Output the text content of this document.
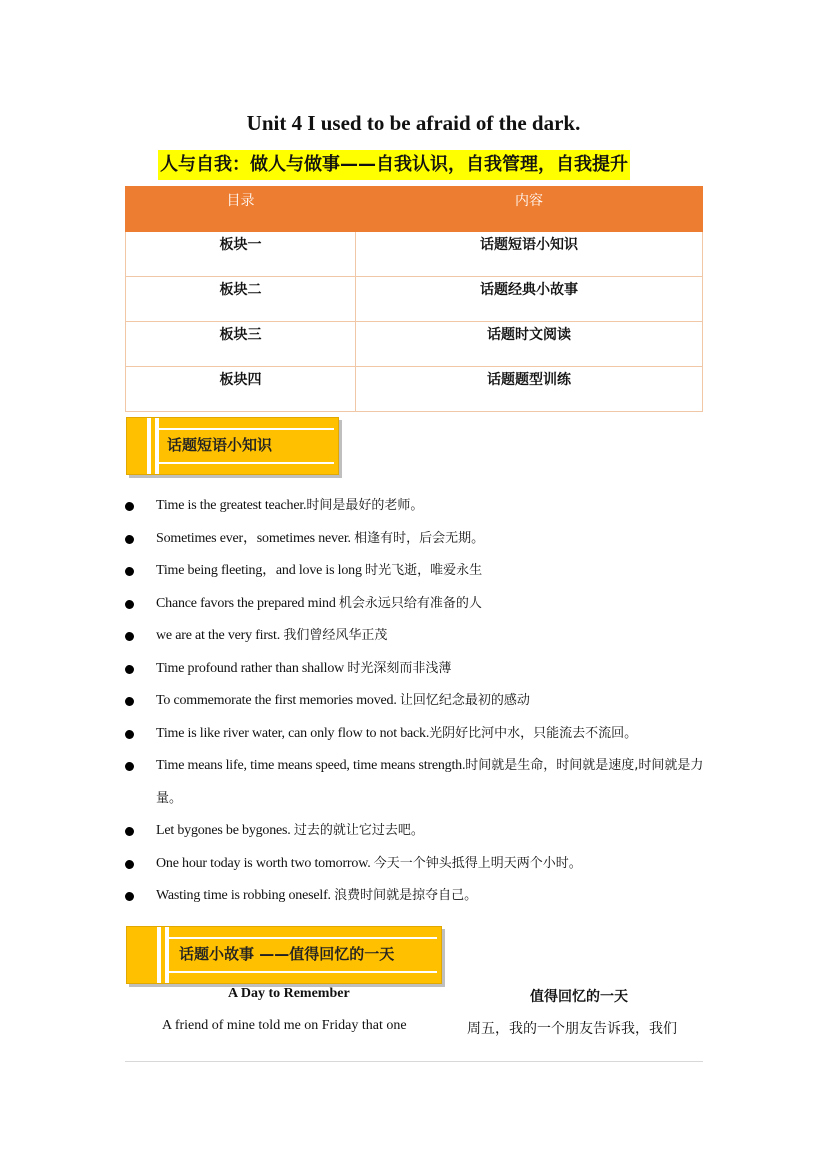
Unit 4 I used to be afraid of the dark.
人与自我：做人与做事——自我认识，自我管理，自我提升
目录	内容

板块一	话题短语小知识

板块二	话题经典小故事

板块三	话题时文阅读

板块四	话题题型训练
话题短语小知识
Time is the greatest teacher.时间是最好的老师。
Sometimes ever，sometimes never. 相逢有时，后会无期。
Time being fleeting，and love is long 时光飞逝，唯爱永生
Chance favors the prepared mind 机会永远只给有准备的人
we are at the very first. 我们曾经风华正茂
Time profound rather than shallow 时光深刻而非浅薄
To commemorate the first memories moved. 让回忆纪念最初的感动
Time is like river water, can only flow to not back.光阴好比河中水，只能流去不流回。
Time means life, time means speed, time means strength.时间就是生命，时间就是速度,时间就是力量。
Let bygones be bygones. 过去的就让它过去吧。
One hour today is worth two tomorrow. 今天一个钟头抵得上明天两个小时。
Wasting time is robbing oneself. 浪费时间就是掠夺自己。
话题小故事 ——值得回忆的一天
A Day to Remember	值得回忆的一天
A friend of mine told me on Friday that one	周五，我的一个朋友告诉我，我们
